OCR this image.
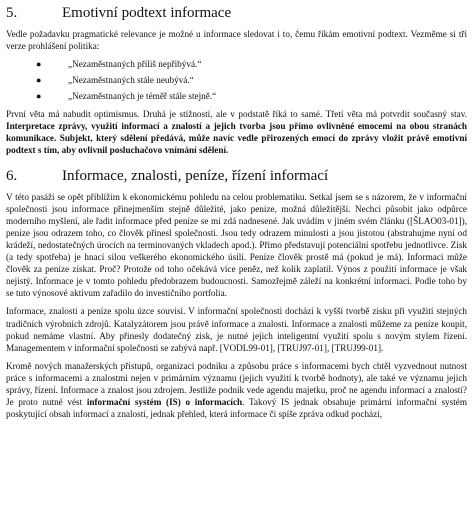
5.	Emotivní podtext informace

Vedle požadavku pragmatické relevance je možné u informace sledovat i to, čemu říkám emotivní podtext. Vezměme si tři verze prohlášení politika:

●	„Nezaměstnaných příliš nepřibývá.“
●	„Nezaměstnaných stále neubývá.“
●	„Nezaměstnaných je téměř stále stejně.“

První věta má nabudit optimismus. Druhá je stížností, ale v podstatě říká to samé. Třetí věta má potvrdit současný stav. Interpretace zprávy, využití informací a znalostí a jejich tvorba jsou přímo ovlivněné emocemi na obou stranách komunikace. Subjekt, který sdělení předává, může navíc vedle přirozených emocí do zprávy vložit právě emotivní podtext s tím, aby ovlivnil posluchačovo vnímání sdělení.

6.	Informace, znalosti, peníze, řízení informací

V této pasáži se opět přiblížím k ekonomickému pohledu na celou problematiku. Setkal jsem se s názorem, že v informační společnosti jsou informace přinejmenším stejně důležité, jako peníze, možná důležitější. Nechci působit jako odpůrce moderního myšlení, ale řadit informace před peníze se mi zdá nadnesené. Jak uvádím v jiném svém článku ([ŠLAO03-01]), peníze jsou odrazem toho, co člověk přinesl společnosti. Jsou tedy odrazem minulosti a jsou jistotou (abstrahujme nyní od krádeží, nedostatečných úrocích na terminovaných vkladech apod.). Přímo představují potenciální spotřebu jednotlivce. Zisk (a tedy spotřeba) je hnací silou veškerého ekonomického úsilí. Peníze člověk prostě má (pokud je má). Informaci může člověk za peníze získat. Proč? Protože od toho očekává více peněz, než kolik zaplatil. Výnos z použití informace je však nejistý. Informace je v tomto pohledu předobrazem budoucnosti. Samozřejmě záleží na konkrétní informaci. Podle toho by se tuto výnosové aktivum zařadilo do investičního portfolia.

Informace, znalosti a peníze spolu úzce souvisí. V informační společnosti dochází k vyšší tvorbě zisku při využití stejných tradičních výrobních zdrojů. Katalyzátorem jsou právě informace a znalosti. Informace a znalosti můžeme za peníze koupit, pokud nemáme vlastní. Aby přinesly dodatečný zisk, je nutné jejich inteligentní využití spolu s novým stylem řízení. Managementem v informační společnosti se zabývá např. [VODL99-01], [TRUJ97-01], [TRUJ99-01].

Kromě nových manažerských přístupů, organizací podniku a způsobu práce s informacemi bych chtěl vyzvednout nutnost práce s informacemi a znalostmi nejen v primárním významu (jejich využití k tvorbě hodnoty), ale také ve významu jejich správy, řízení. Informace a znalost jsou zdrojem. Jestliže podnik vede agendu majetku, proč ne agendu informací a znalostí? Je proto nutné vést informační systém (IS) o informacích. Takový IS jednak obsahuje primární informační systém poskytující obsah informací a znalostí, jednak přehled, která informace či spíše zpráva odkud pochází,
